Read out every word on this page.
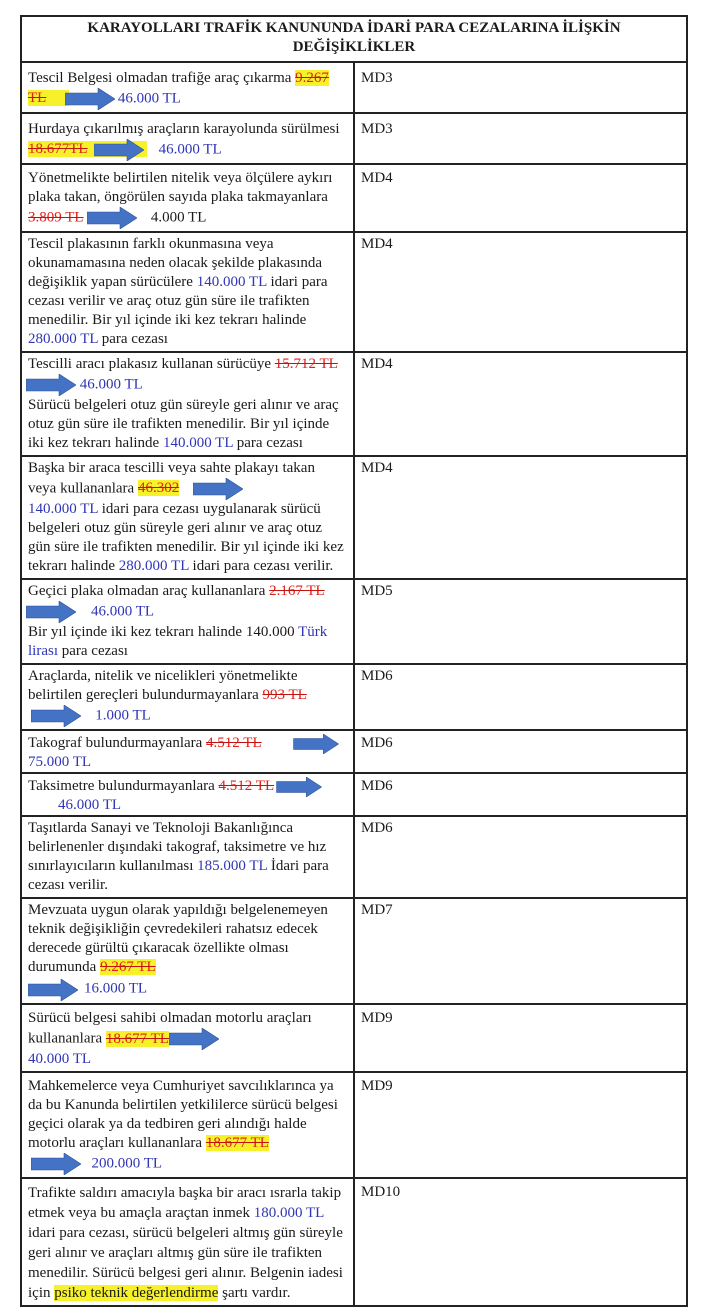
KARAYOLLARI TRAFİK KANUNUNDA İDARİ PARA CEZALARINA İLİŞKİN DEĞİŞİKLİKLER	
Tescil Belgesi olmadan trafiğe araç çıkarma 9.267 TL 46.000 TL	MD3
Hurdaya çıkarılmış araçların karayolunda sürülmesi 18.677TL 46.000 TL	MD3
Yönetmelikte belirtilen nitelik veya ölçülere aykırı plaka takan, öngörülen sayıda plaka takmayanlara 3.809 TL 4.000 TL	MD4
Tescil plakasının farklı okunmasına veya okunamamasına neden olacak şekilde plakasında değişiklik yapan sürücülere 140.000 TL idari para cezası verilir ve araç otuz gün süre ile trafikten menedilir. Bir yıl içinde iki kez tekrarı halinde 280.000 TL para cezası	MD4
Tescilli aracı plakasız kullanan sürücüye 15.712 TL
46.000 TL
Sürücü belgeleri otuz gün süreyle geri alınır ve araç otuz gün süre ile trafikten menedilir. Bir yıl içinde iki kez tekrarı halinde 140.000 TL para cezası	MD4
Başka bir araca tescilli veya sahte plakayı takan veya kullananlara 46.302

140.000 TL idari para cezası uygulanarak sürücü belgeleri otuz gün süreyle geri alınır ve araç otuz gün süre ile trafikten menedilir. Bir yıl içinde iki kez tekrarı halinde 280.000 TL idari para cezası verilir.	MD4
Geçici plaka olmadan araç kullananlara 2.167 TL
46.000 TL
Bir yıl içinde iki kez tekrarı halinde 140.000 Türk lirası para cezası	MD5
Araçlarda, nitelik ve nicelikleri yönetmelikte belirtilen gereçleri bulundurmayanlara 993 TL
1.000 TL	MD6
Takograf bulundurmayanlara 4.512 TL
75.000 TL	MD6
Taksimetre bulundurmayanlara 4.512 TL
46.000 TL	MD6
Taşıtlarda Sanayi ve Teknoloji Bakanlığınca belirlenenler dışındaki takograf, taksimetre ve hız sınırlayıcıların kullanılması 185.000 TL İdari para cezası verilir.	MD6
Mevzuata uygun olarak yapıldığı belgelenemeyen teknik değişikliğin çevredekileri rahatsız edecek derecede gürültü çıkaracak özellikte olması durumunda 9.267 TL

16.000 TL	MD7
Sürücü belgesi sahibi olmadan motorlu araçları kullananlara 18.677 TL

40.000 TL	MD9
Mahkemelerce veya Cumhuriyet savcılıklarınca ya da bu Kanunda belirtilen yetkililerce sürücü belgesi geçici olarak ya da tedbiren geri alındığı halde motorlu araçları kullananlara 18.677 TL
200.000 TL	MD9
Trafikte saldırı amacıyla başka bir aracı ısrarla takip etmek veya bu amaçla araçtan inmek 180.000 TL idari para cezası, sürücü belgeleri altmış gün süreyle geri alınır ve araçları altmış gün süre ile trafikten menedilir. Sürücü belgesi geri alınır. Belgenin iadesi için psiko teknik değerlendirme şartı vardır.	MD10
